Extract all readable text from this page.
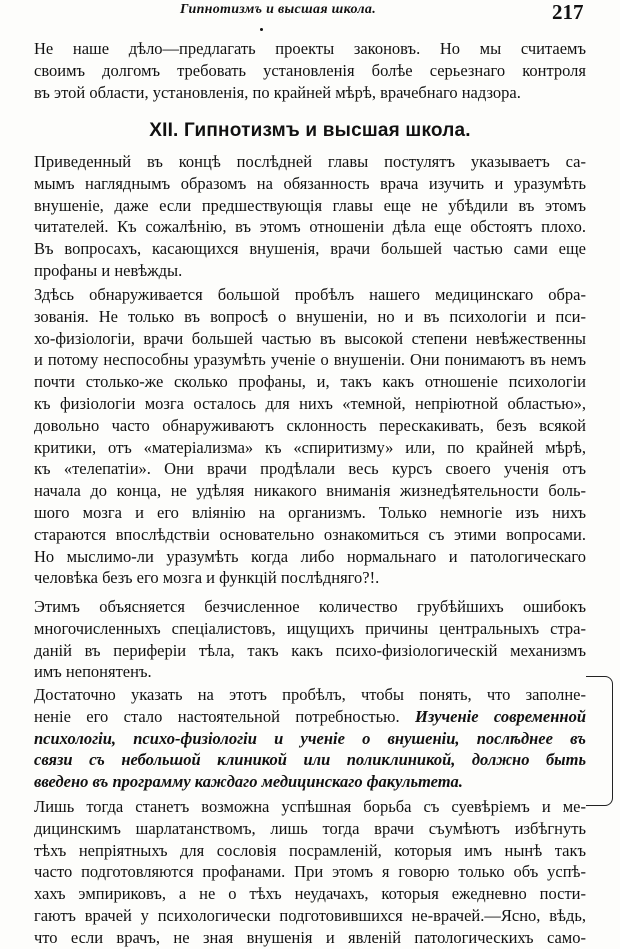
Гипнотизмъ и высшая школа.	217
Не наше дѣло—предлагать проекты законовъ. Но мы считаемъ
своимъ долгомъ требовать установленія болѣе серьезнаго контроля
въ этой области, установленія, по крайней мѣрѣ, врачебнаго надзора.
XII. Гипнотизмъ и высшая школа.
Приведенный въ концѣ послѣдней главы постулятъ указываетъ са-
мымъ нагляднымъ образомъ на обязанность врача изучить и уразумѣть
внушеніе, даже если предшествующія главы еще не убѣдили въ этомъ
читателей. Къ сожалѣнію, въ этомъ отношеніи дѣла еще обстоятъ плохо.
Въ вопросахъ, касающихся внушенія, врачи большей частью сами еще
профаны и невѣжды.
Здѣсь обнаруживается большой пробѣлъ нашего медицинскаго обра-
зованія. Не только въ вопросѣ о внушеніи, но и въ психологіи и пси-
хо-физіологіи, врачи большей частью въ высокой степени невѣжественны
и потому неспособны уразумѣть ученіе о внушеніи. Они понимаютъ въ немъ
почти столько-же сколько профаны, и, такъ какъ отношеніе психологіи
къ физіологіи мозга осталось для нихъ «темной, непріютной областью»,
довольно часто обнаруживаютъ склонность перескакивать, безъ всякой
критики, отъ «матеріализма» къ «спиритизму» или, по крайней мѣрѣ,
къ «телепатіи». Они врачи продѣлали весь курсъ своего ученія отъ
начала до конца, не удѣляя никакого вниманія жизнедѣятельности боль-
шого мозга и его вліянію на организмъ. Только немногіе изъ нихъ
стараются впослѣдствіи основательно ознакомиться съ этими вопросами.
Но мыслимо-ли уразумѣть когда либо нормальнаго и патологическаго
человѣка безъ его мозга и функцій послѣдняго?!.
Этимъ объясняется безчисленное количество грубѣйшихъ ошибокъ
многочисленныхъ спеціалистовъ, ищущихъ причины центральныхъ стра-
даній въ периферіи тѣла, такъ какъ психо-физіологическій механизмъ
имъ непонятенъ.
Достаточно указать на этотъ пробѣлъ, чтобы понять, что заполне-
неніе его стало настоятельной потребностью. Изученіе современной
психологіи, психо-физіологіи и ученіе о внушеніи, послѣднее въ
связи съ небольшой клиникой или поликлиникой, должно быть
введено въ программу каждаго медицинскаго факультета.
Лишь тогда станетъ возможна успѣшная борьба съ суевѣріемъ и ме-
дицинскимъ шарлатанствомъ, лишь тогда врачи съумѣютъ избѣгнуть
тѣхъ непріятныхъ для сословія посрамленій, которыя имъ нынѣ такъ
часто подготовляются профанами. При этомъ я говорю только объ успѣ-
хахъ эмпириковъ, а не о тѣхъ неудачахъ, которыя ежедневно пости-
гаютъ врачей у психологически подготовившихся не-врачей.—Ясно, вѣдь,
что если врачъ, не зная внушенія и явленій патологическихъ само-
